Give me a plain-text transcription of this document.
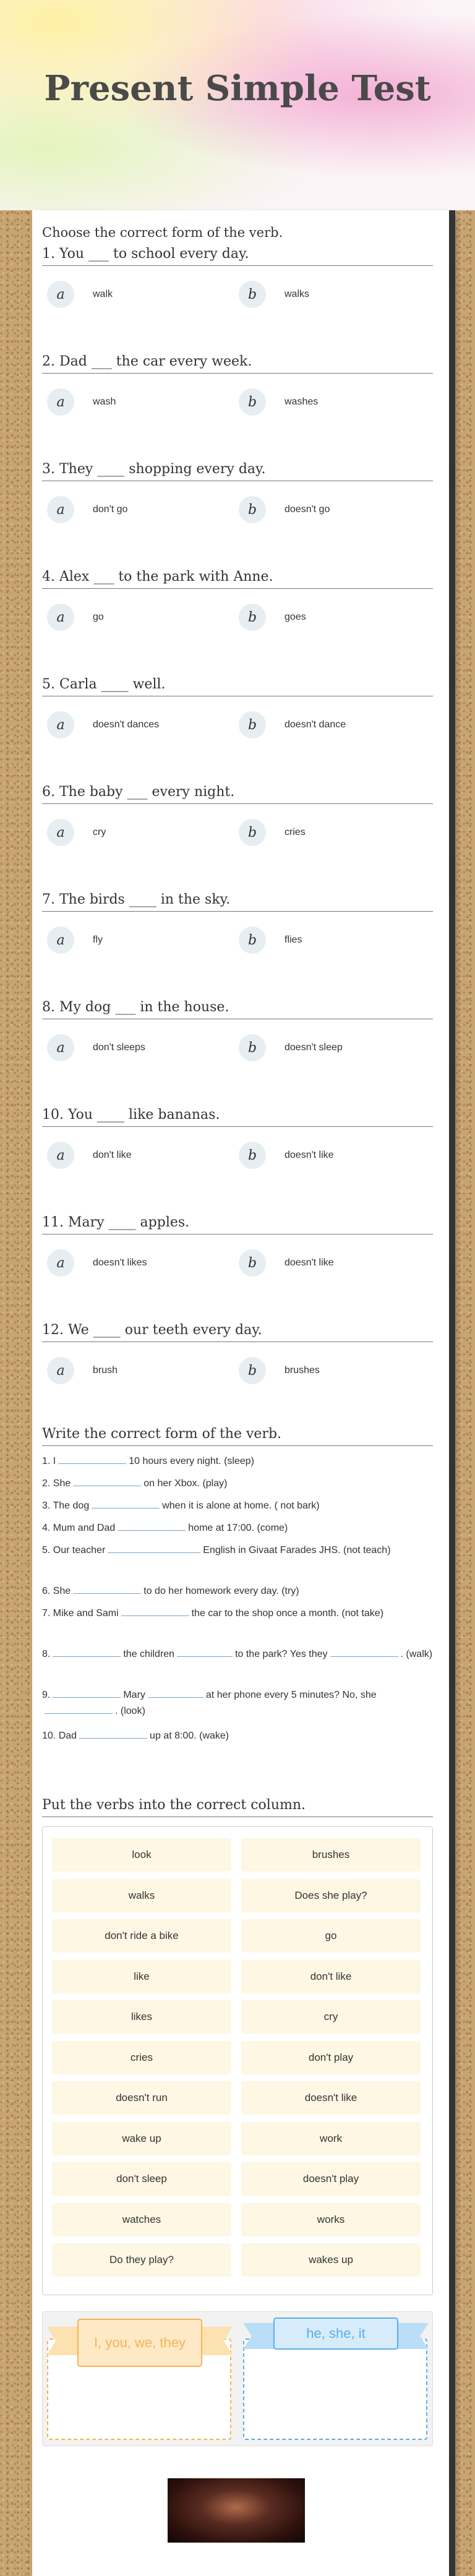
Present Simple Test
Choose the correct form of the verb.
1. You ___ to school every day.
a	walk	b	walks
2. Dad ___ the car every week.
a	wash	b	washes
3. They ____ shopping every day.
a	don't go	b	doesn't go
4. Alex ___ to the park with Anne.
a	go	b	goes
5. Carla ____ well.
a	doesn't dances	b	doesn't dance
6. The baby ___ every night.
a	cry	b	cries
7. The birds ____ in the sky.
a	fly	b	flies
8. My dog ___ in the house.
a	don't sleeps	b	doesn't sleep
10. You ____ like bananas.
a	don't like	b	doesn't like
11. Mary ____ apples.
a	doesn't likes	b	doesn't like
12. We ____ our teeth every day.
a	brush	b	brushes
Write the correct form of the verb.
1. I	10 hours every night. (sleep)
2. She	on her Xbox. (play)
3. The dog	when it is alone at home. ( not bark)
4. Mum and Dad	home at 17:00. (come)
5. Our teacher	English in Givaat Farades JHS. (not teach)
6. She	to do her homework every day. (try)
7. Mike and Sami	the car to the shop once a month. (not take)
8.	the children	to the park? Yes they	. (walk)
9.	Mary	at her phone every 5 minutes? No, she. (look)
10. Dad	up at 8:00. (wake)
Put the verbs into the correct column.
look	brushes
walks	Does she play?
don't ride a bike	go
like	don't like
likes	cry
cries	don't play
doesn't run	doesn't like
wake up	work
don't sleep	doesn't play
watches	works
Do they play?	wakes up
I, you, we, they
he, she, it
